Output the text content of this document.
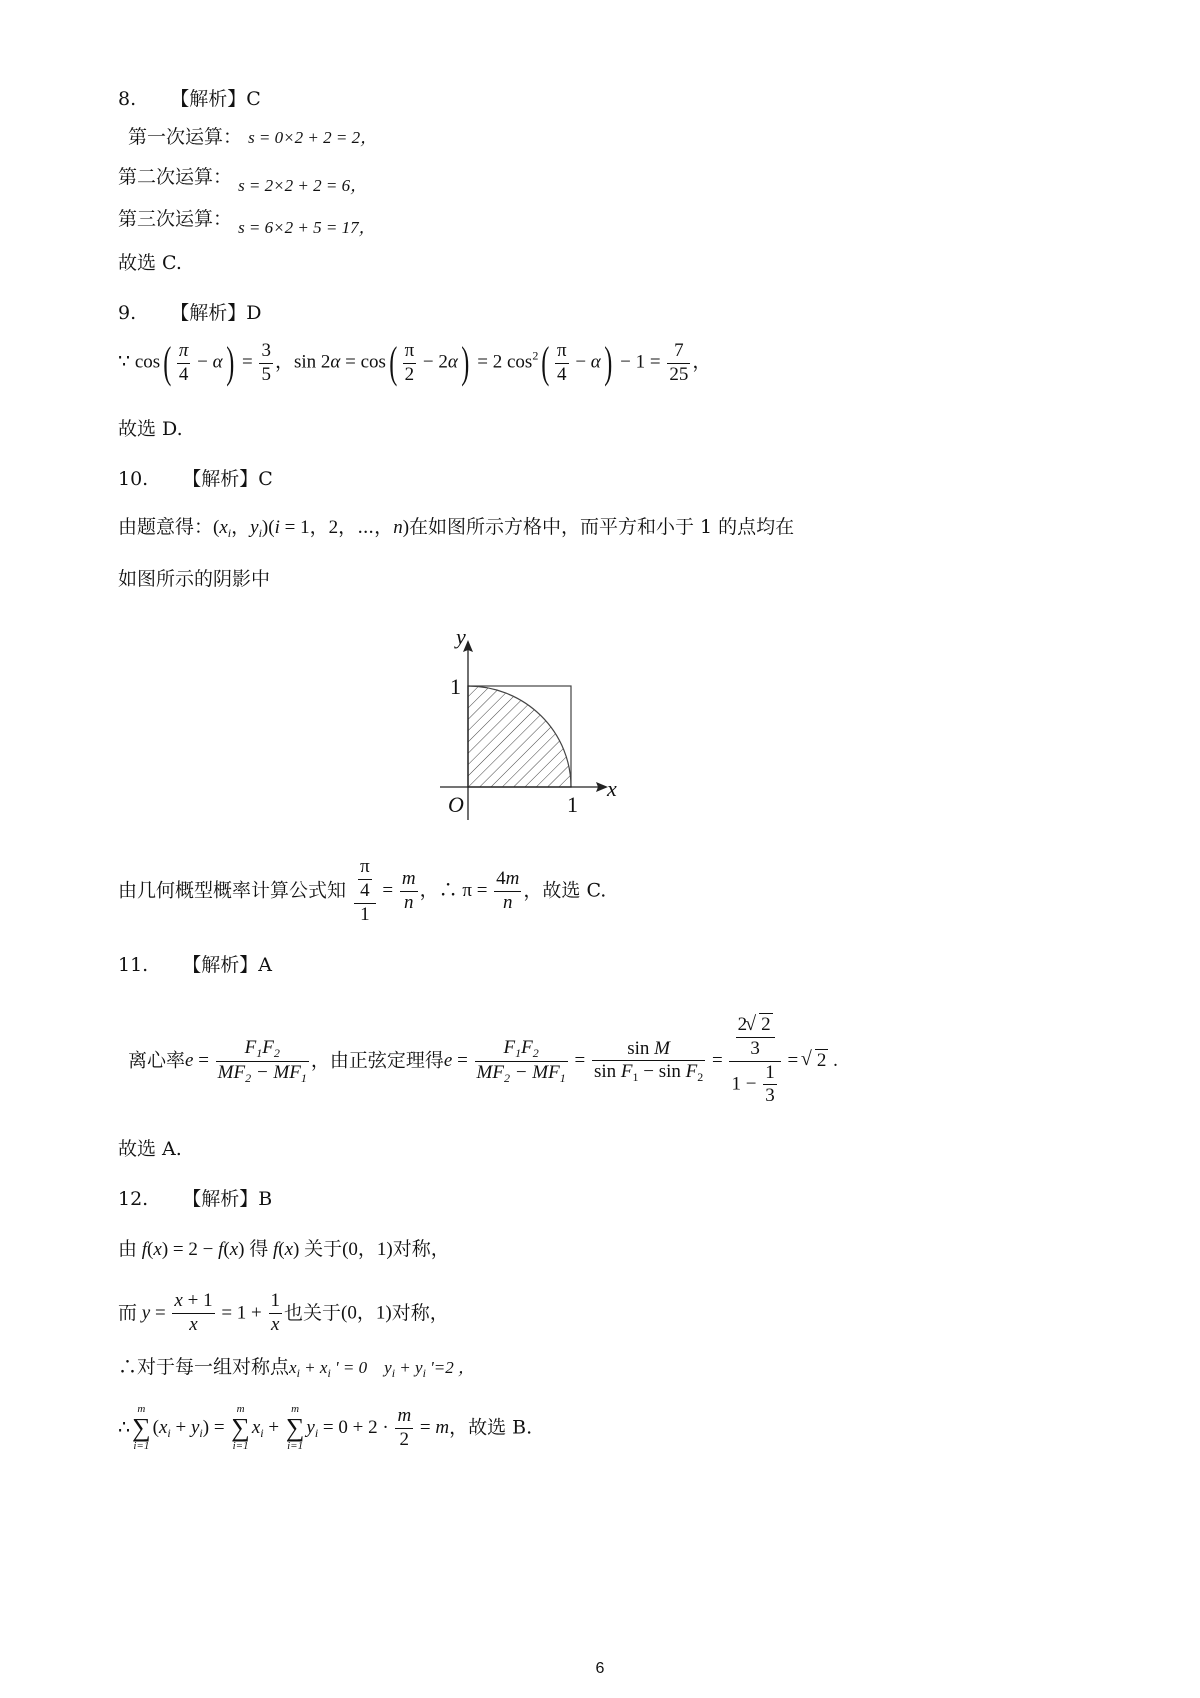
8. 【解析】C
第一次运算： s = 0×2 + 2 = 2，
第二次运算： s = 2×2 + 2 = 6，
第三次运算： s = 6×2 + 5 = 17，
故选 C.
9. 【解析】D
∵ $\cos( \frac{\pi}{4} - \alpha) = \frac{3}{5}$ ，$\sin 2\alpha = \cos( \frac{\pi}{2} - 2\alpha) = 2$ $\cos^2( \frac{\pi}{4} - \alpha) - 1 = \frac{7}{25}$ ，
故选 D.
10. 【解析】C
由题意得：($x_i$，$y_i)(i = 1$，2，⋯，n)在如图所示方格中，而平方和小于 1 的点均在
如图所示的阴影中
y
x
O	1
1
由几何概型概率计算公式知 $\frac{\frac{\pi}{4}}{1} = \frac{m}{n}$ ，∴ $\pi = \frac{4m}{n}$ ，故选 C.
11. 【解析】A
离心率$e = \frac{F_1F_2}{MF_2 - MF_1}$ ，由正弦定理得$e = \frac{F_1F_2}{MF_2 - MF_1} = \frac{\text{sin M}}{\sin F_1 - \sin F_2} = \frac{\frac{2√ 2}{3}}{1 - \frac{1}{3}}$ = √ 2 .
故选 A.
12. 【解析】B
由 f(x) = 2 − f(x) 得 f(x) 关于(0，1)对称，
而 $y = \frac{x + 1}{x} = 1 + \frac{1}{x}$ 也关于(0，1)对称，
∴对于每一组对称点$x_i + x_i$ ' = 0    $y_i + y_i$ '=2 ，
∴
m
∑
i=1
$(x_i + y_i)$ =
m
∑
i=1
$x_i$ +
m
∑
i=1
$y_i = 0 + 2 \cdot \frac{m}{2} = m$，故选 B.
6
